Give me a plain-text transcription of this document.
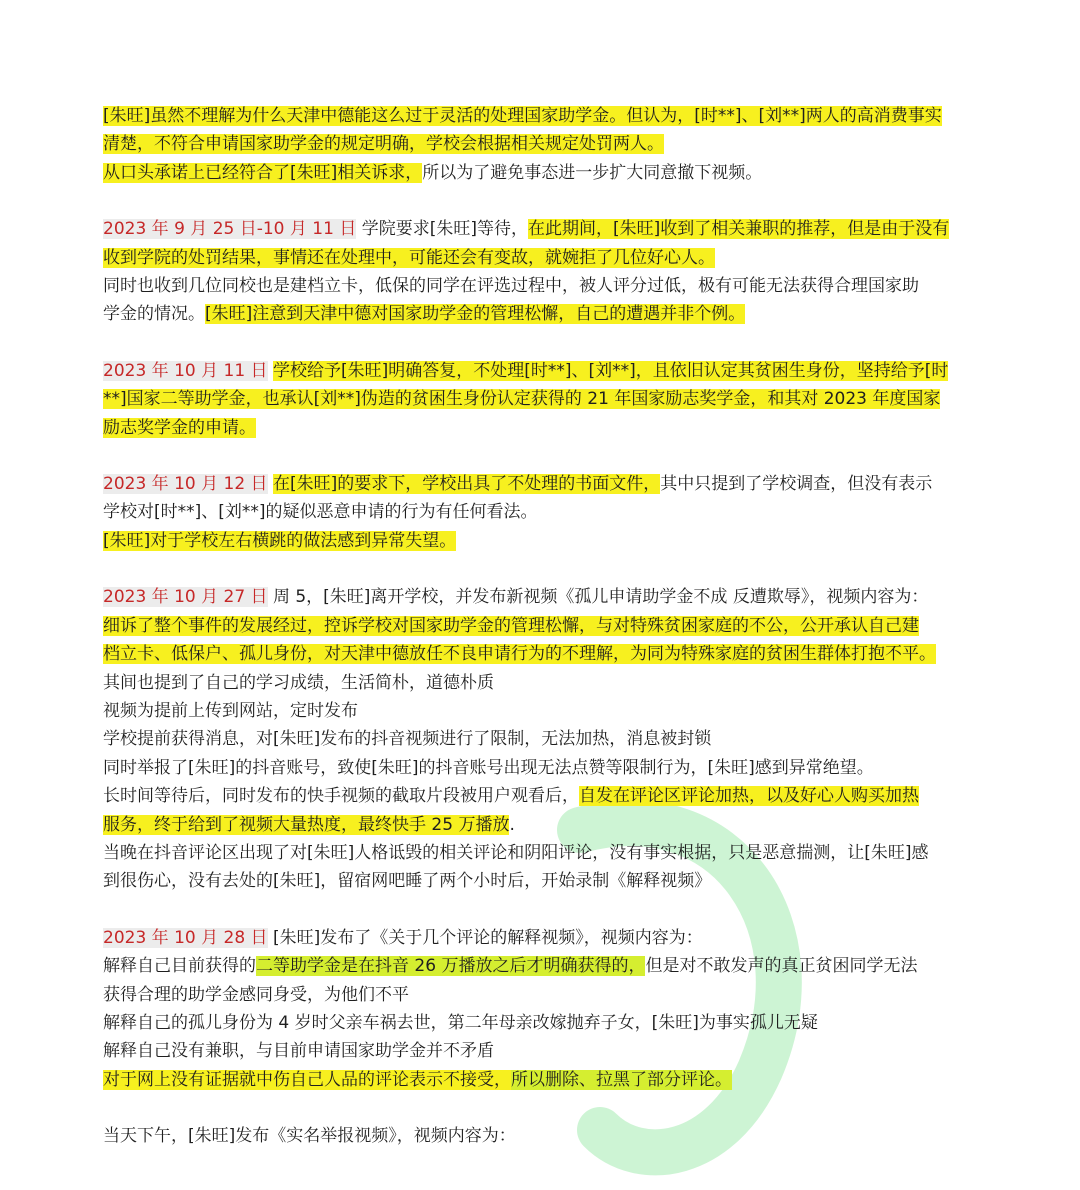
[朱旺]虽然不理解为什么天津中德能这么过于灵活的处理国家助学金。但认为，[时**]、[刘**]两人的高消费事实
清楚，不符合申请国家助学金的规定明确，学校会根据相关规定处罚两人。
从口头承诺上已经符合了[朱旺]相关诉求，所以为了避免事态进一步扩大同意撤下视频。
2023 年 9 月 25 日-10 月 11 日 学院要求[朱旺]等待，在此期间，[朱旺]收到了相关兼职的推荐，但是由于没有
收到学院的处罚结果，事情还在处理中，可能还会有变故，就婉拒了几位好心人。
同时也收到几位同校也是建档立卡，低保的同学在评选过程中，被人评分过低，极有可能无法获得合理国家助
学金的情况。[朱旺]注意到天津中德对国家助学金的管理松懈，自己的遭遇并非个例。
2023 年 10 月 11 日 学校给予[朱旺]明确答复，不处理[时**]、[刘**]，且依旧认定其贫困生身份，坚持给予[时
**]国家二等助学金，也承认[刘**]伪造的贫困生身份认定获得的 21 年国家励志奖学金，和其对 2023 年度国家
励志奖学金的申请。
2023 年 10 月 12 日 在[朱旺]的要求下，学校出具了不处理的书面文件，其中只提到了学校调查，但没有表示
学校对[时**]、[刘**]的疑似恶意申请的行为有任何看法。
[朱旺]对于学校左右横跳的做法感到异常失望。
2023 年 10 月 27 日 周 5，[朱旺]离开学校，并发布新视频《孤儿申请助学金不成 反遭欺辱》，视频内容为：
细诉了整个事件的发展经过，控诉学校对国家助学金的管理松懈，与对特殊贫困家庭的不公，公开承认自己建
档立卡、低保户、孤儿身份，对天津中德放任不良申请行为的不理解，为同为特殊家庭的贫困生群体打抱不平。
其间也提到了自己的学习成绩，生活简朴，道德朴质
视频为提前上传到网站，定时发布
学校提前获得消息，对[朱旺]发布的抖音视频进行了限制，无法加热，消息被封锁
同时举报了[朱旺]的抖音账号，致使[朱旺]的抖音账号出现无法点赞等限制行为，[朱旺]感到异常绝望。
长时间等待后，同时发布的快手视频的截取片段被用户观看后，自发在评论区评论加热，以及好心人购买加热
服务，终于给到了视频大量热度，最终快手 25 万播放.
当晚在抖音评论区出现了对[朱旺]人格诋毁的相关评论和阴阳评论，没有事实根据，只是恶意揣测，让[朱旺]感
到很伤心，没有去处的[朱旺]，留宿网吧睡了两个小时后，开始录制《解释视频》
2023 年 10 月 28 日 [朱旺]发布了《关于几个评论的解释视频》，视频内容为：
解释自己目前获得的二等助学金是在抖音 26 万播放之后才明确获得的，但是对不敢发声的真正贫困同学无法
获得合理的助学金感同身受，为他们不平
解释自己的孤儿身份为 4 岁时父亲车祸去世，第二年母亲改嫁抛弃子女，[朱旺]为事实孤儿无疑
解释自己没有兼职，与目前申请国家助学金并不矛盾
对于网上没有证据就中伤自己人品的评论表示不接受，所以删除、拉黑了部分评论。
当天下午，[朱旺]发布《实名举报视频》，视频内容为：
